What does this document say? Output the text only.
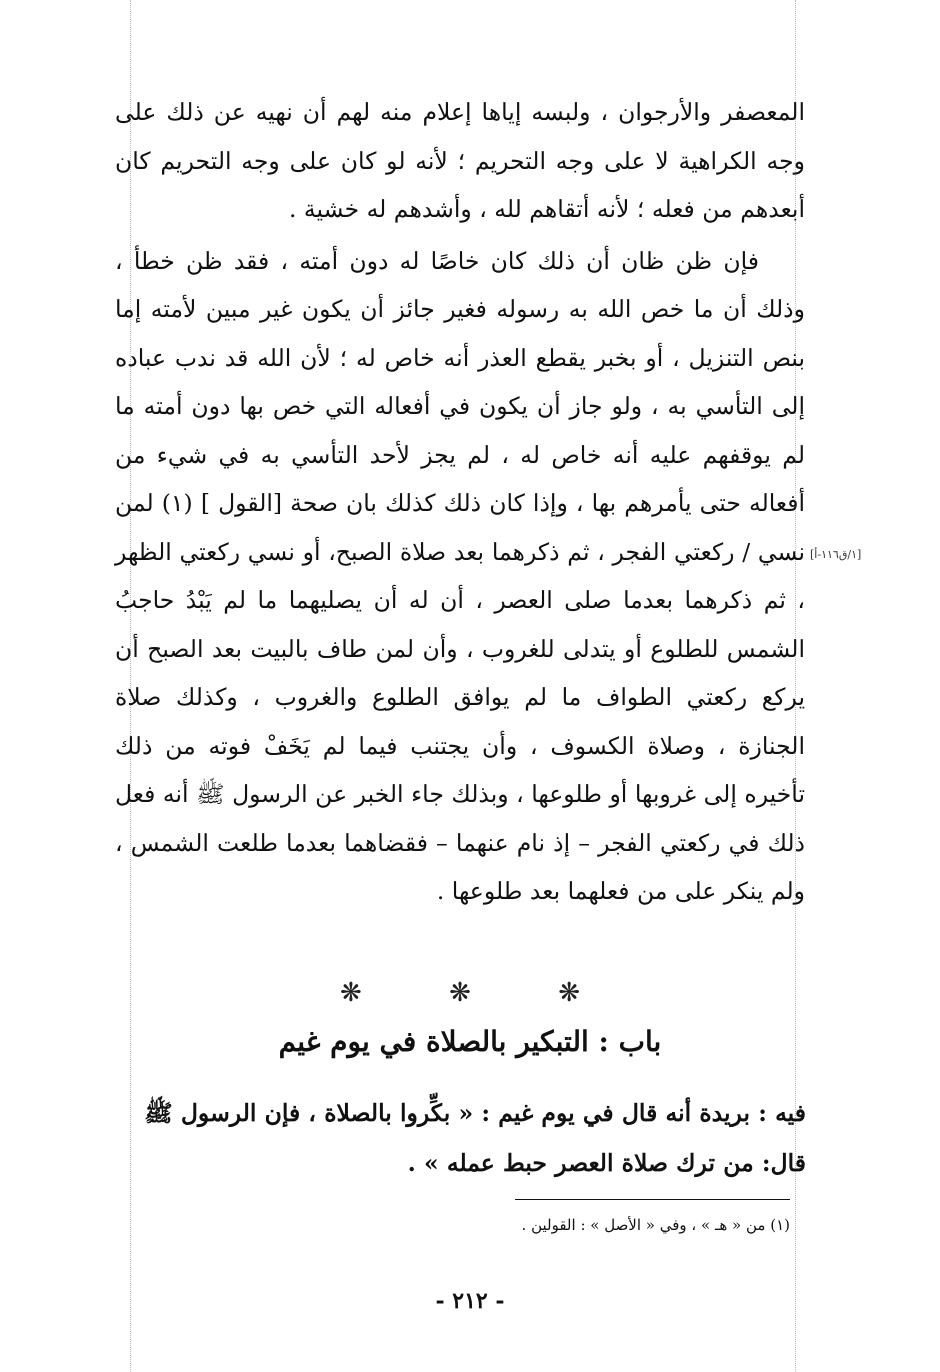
المعصفر والأرجوان ، ولبسه إياها إعلام منه لهم أن نهيه عن ذلك على وجه الكراهية لا على وجه التحريم ؛ لأنه لو كان على وجه التحريم كان أبعدهم من فعله ؛ لأنه أتقاهم لله ، وأشدهم له خشية .

فإن ظن ظان أن ذلك كان خاصًا له دون أمته ، فقد ظن خطأ ، وذلك أن ما خص الله به رسوله فغير جائز أن يكون غير مبين لأمته إما بنص التنزيل ، أو بخبر يقطع العذر أنه خاص له ؛ لأن الله قد ندب عباده إلى التأسي به ، ولو جاز أن يكون في أفعاله التي خص بها دون أمته ما لم يوقفهم عليه أنه خاص له ، لم يجز لأحد التأسي به في شيء من أفعاله حتى يأمرهم بها ، وإذا كان ذلك كذلك بان صحة [القول ] (١) لمن نسي / ركعتي الفجر ، ثم ذكرهما بعد صلاة الصبح، أو نسي ركعتي الظهر ، ثم ذكرهما بعدما صلى العصر ، أن له أن يصليهما ما لم يَبْدُ حاجبُ الشمس للطلوع أو يتدلى للغروب ، وأن لمن طاف بالبيت بعد الصبح أن يركع ركعتي الطواف ما لم يوافق الطلوع والغروب ، وكذلك صلاة الجنازة ، وصلاة الكسوف ، وأن يجتنب فيما لم يَخَفْ فوته من ذلك تأخيره إلى غروبها أو طلوعها ، وبذلك جاء الخبر عن الرسول ﷺ أنه فعل ذلك في ركعتي الفجر – إذ نام عنهما – فقضاهما بعدما طلعت الشمس ، ولم ينكر على من فعلهما بعد طلوعها .

[١/ق١١٦-أ]
❋	❋	❋
باب : التبكير بالصلاة في يوم غيم
فيه : بريدة أنه قال في يوم غيم : « بكِّروا بالصلاة ، فإن الرسول ﷺ قال: من ترك صلاة العصر حبط عمله » .
(١) من « هـ » ، وفي « الأصل » : القولين .
- ٢١٢ -
